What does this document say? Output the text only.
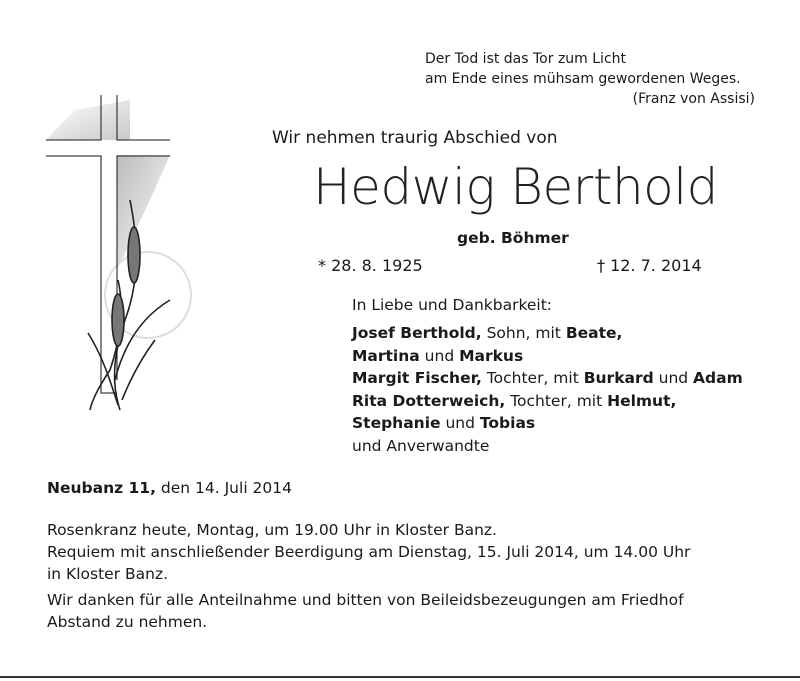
Der Tod ist das Tor zum Licht
am Ende eines mühsam gewordenen Weges.
(Franz von Assisi)
Wir nehmen traurig Abschied von
Hedwig Berthold
geb. Böhmer
* 28. 8. 1925	† 12. 7. 2014
In Liebe und Dankbarkeit:
Josef Berthold, Sohn, mit Beate,
Martina und Markus
Margit Fischer, Tochter, mit Burkard und Adam
Rita Dotterweich, Tochter, mit Helmut,
Stephanie und Tobias
und Anverwandte
Neubanz 11, den 14. Juli 2014
Rosenkranz heute, Montag, um 19.00 Uhr in Kloster Banz.
Requiem mit anschließender Beerdigung am Dienstag, 15. Juli 2014, um 14.00 Uhr
in Kloster Banz.
Wir danken für alle Anteilnahme und bitten von Beileidsbezeugungen am Friedhof
Abstand zu nehmen.
